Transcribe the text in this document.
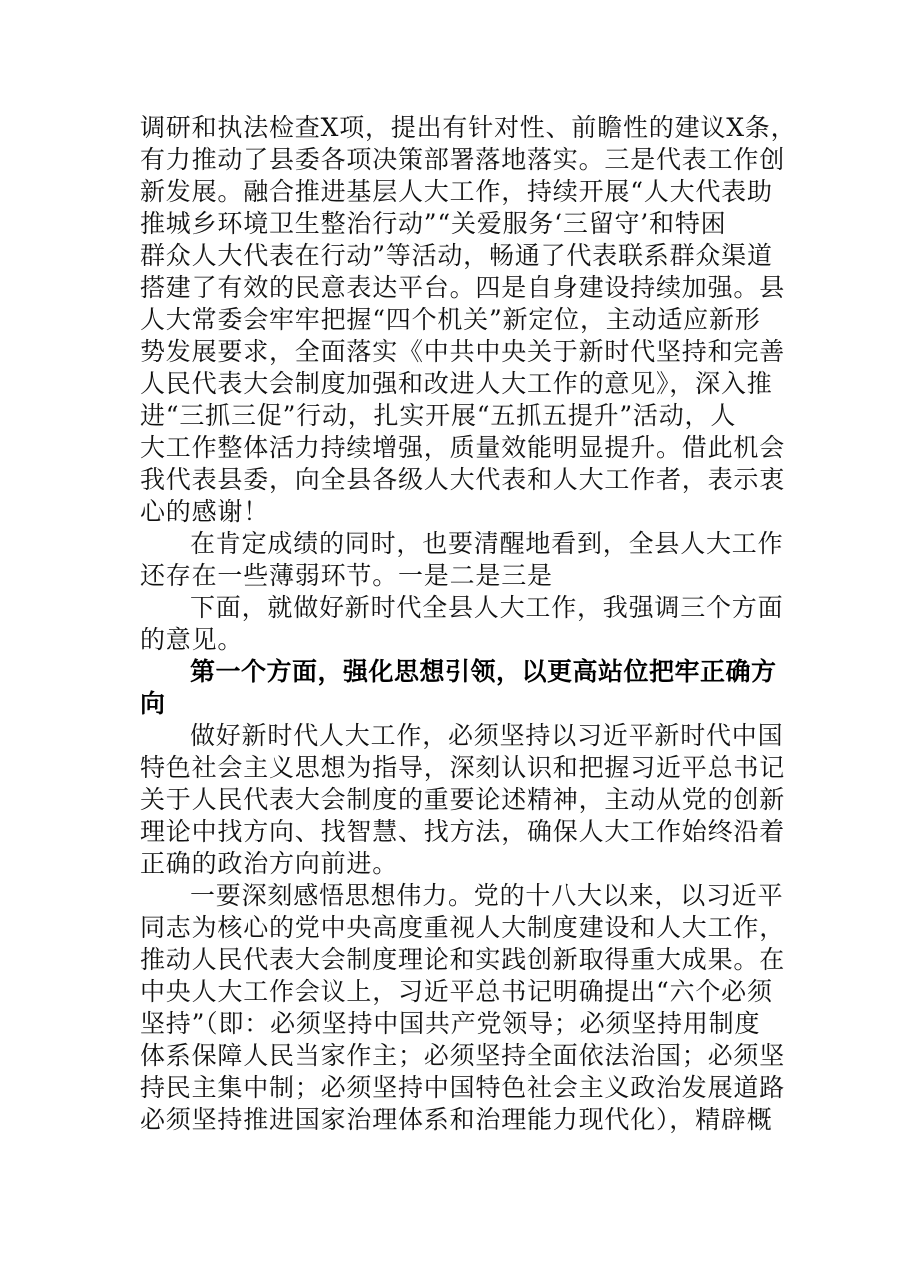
调研和执法检查X项，提出有针对性、前瞻性的建议X条，
有力推动了县委各项决策部署落地落实。三是代表工作创
新发展。融合推进基层人大工作，持续开展“人大代表助
推城乡环境卫生整治行动”“关爱服务‘三留守’和特困
群众人大代表在行动”等活动，畅通了代表联系群众渠道
搭建了有效的民意表达平台。四是自身建设持续加强。县
人大常委会牢牢把握“四个机关”新定位，主动适应新形
势发展要求，全面落实《中共中央关于新时代坚持和完善
人民代表大会制度加强和改进人大工作的意见》，深入推
进“三抓三促”行动，扎实开展“五抓五提升”活动，人
大工作整体活力持续增强，质量效能明显提升。借此机会
我代表县委，向全县各级人大代表和人大工作者，表示衷
心的感谢！
在肯定成绩的同时，也要清醒地看到，全县人大工作
还存在一些薄弱环节。一是二是三是
下面，就做好新时代全县人大工作，我强调三个方面
的意见。
第一个方面，强化思想引领，以更高站位把牢正确方
向
做好新时代人大工作，必须坚持以习近平新时代中国
特色社会主义思想为指导，深刻认识和把握习近平总书记
关于人民代表大会制度的重要论述精神，主动从党的创新
理论中找方向、找智慧、找方法，确保人大工作始终沿着
正确的政治方向前进。
一要深刻感悟思想伟力。党的十八大以来，以习近平
同志为核心的党中央高度重视人大制度建设和人大工作，
推动人民代表大会制度理论和实践创新取得重大成果。在
中央人大工作会议上，习近平总书记明确提出“六个必须
坚持”（即：必须坚持中国共产党领导；必须坚持用制度
体系保障人民当家作主；必须坚持全面依法治国；必须坚
持民主集中制；必须坚持中国特色社会主义政治发展道路
必须坚持推进国家治理体系和治理能力现代化），精辟概
